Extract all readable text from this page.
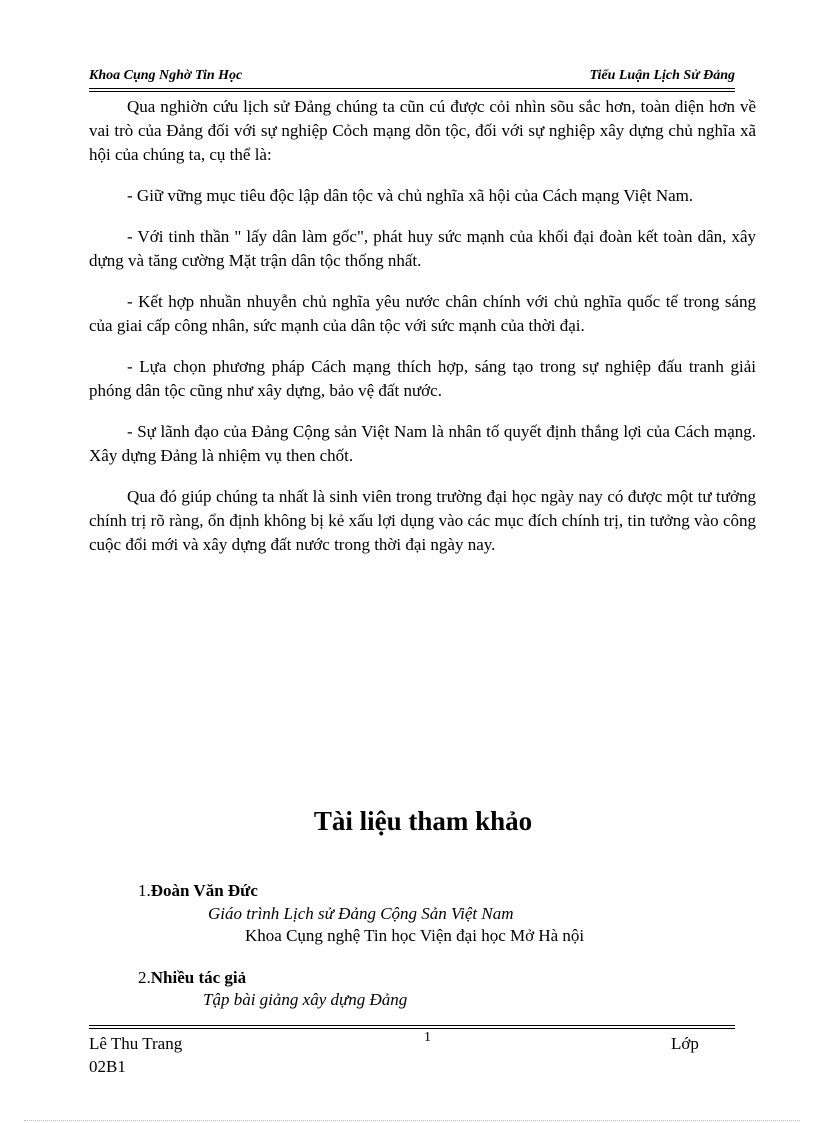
Khoa Cụng Nghờ Tin Học	Tiểu Luận Lịch Sử Đảng

Qua nghiờn cứu lịch sử Đảng chúng ta cũn cú được cỏi nhìn sõu sắc hơn, toàn diện hơn về vai trò của Đảng đối với sự nghiệp Cỏch mạng dõn tộc, đối với sự nghiệp xây dựng chủ nghĩa xã hội của chúng ta, cụ thể là:

- Giữ vững mục tiêu độc lập dân tộc và chủ nghĩa xã hội của Cách mạng Việt Nam.

- Với tinh thần " lấy dân làm gốc", phát huy sức mạnh của khối đại đoàn kết toàn dân, xây dựng và tăng cường Mặt trận dân tộc thống nhất.

- Kết hợp nhuần nhuyễn chủ nghĩa yêu nước chân chính với chủ nghĩa quốc tế trong sáng của giai cấp công nhân, sức mạnh của dân tộc với sức mạnh của thời đại.

- Lựa chọn phương pháp Cách mạng thích hợp, sáng tạo trong sự nghiệp đấu tranh giải phóng dân tộc cũng như xây dựng, bảo vệ đất nước.

- Sự lãnh đạo của Đảng Cộng sản Việt Nam là nhân tố quyết định thắng lợi của Cách mạng. Xây dựng Đảng là nhiệm vụ then chốt.

Qua đó giúp chúng ta nhất là sinh viên trong trường đại học ngày nay có được một tư tưởng chính trị rõ ràng, ổn định không bị kẻ xấu lợi dụng vào các mục đích chính trị, tin tưởng vào công cuộc đổi mới và xây dựng đất nước trong thời đại ngày nay.

Tài liệu tham khảo
1.Đoàn Văn Đức
Giáo trình Lịch sử Đảng Cộng Sản Việt Nam
Khoa Cụng nghệ Tin học Viện đại học Mở Hà nội
2.Nhiều tác giả
Tập bài giảng xây dựng Đảng
Lê Thu Trang
02B1
1	Lớp
